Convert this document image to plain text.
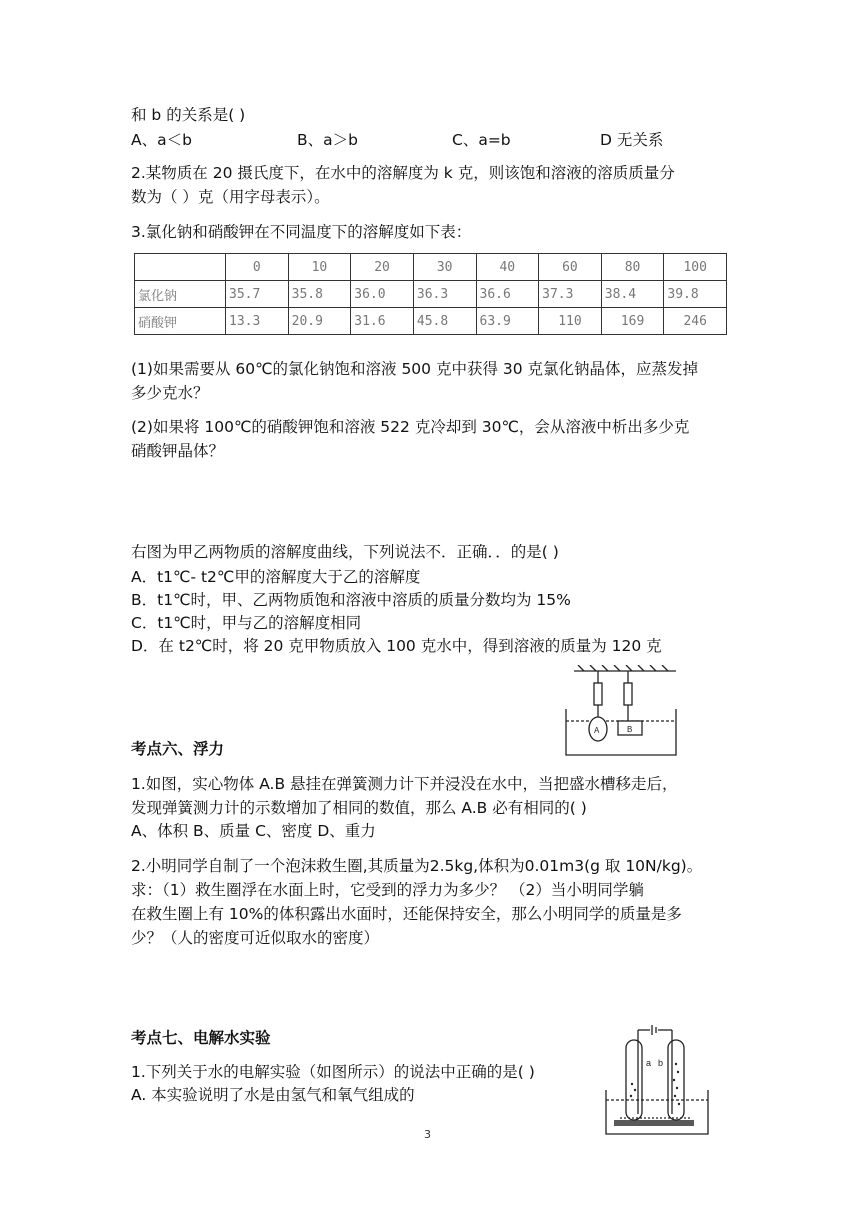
和 b 的关系是( )
A、a＜b	B、a＞b	C、a=b	D 无关系
2.某物质在 20 摄氏度下，在水中的溶解度为 k 克，则该饱和溶液的溶质质量分
数为（ ）克（用字母表示）。
3.氯化钠和硝酸钾在不同温度下的溶解度如下表：
	0	10	20	30	40	60	80	100
氯化钠	35.7	35.8	36.0	36.3	36.6	37.3	38.4	39.8
硝酸钾	13.3	20.9	31.6	45.8	63.9	110	169	246
(1)如果需要从 60℃的氯化钠饱和溶液 500 克中获得 30 克氯化钠晶体，应蒸发掉
多少克水？
(2)如果将 100℃的硝酸钾饱和溶液 522 克冷却到 30℃，会从溶液中析出多少克
硝酸钾晶体？
右图为甲乙两物质的溶解度曲线，下列说法不．正确．．的是( )
A．t1℃- t2℃甲的溶解度大于乙的溶解度
B．t1℃时，甲、乙两物质饱和溶液中溶质的质量分数均为 15%
C．t1℃时，甲与乙的溶解度相同
D．在 t2℃时，将 20 克甲物质放入 100 克水中，得到溶液的质量为 120 克
A	B
考点六、浮力
1.如图，实心物体 A.B 悬挂在弹簧测力计下并浸没在水中，当把盛水槽移走后，
发现弹簧测力计的示数增加了相同的数值，那么 A.B 必有相同的( )
A、体积 B、质量 C、密度 D、重力
2.小明同学自制了一个泡沫救生圈,其质量为2.5kg,体积为0.01m3(g 取 10N/kg)。
求：（1）救生圈浮在水面上时，它受到的浮力为多少？ （2）当小明同学躺
在救生圈上有 10%的体积露出水面时，还能保持安全，那么小明同学的质量是多
少？（人的密度可近似取水的密度）
考点七、电解水实验
1.下列关于水的电解实验（如图所示）的说法中正确的是( )
A. 本实验说明了水是由氢气和氧气组成的
a b
3
